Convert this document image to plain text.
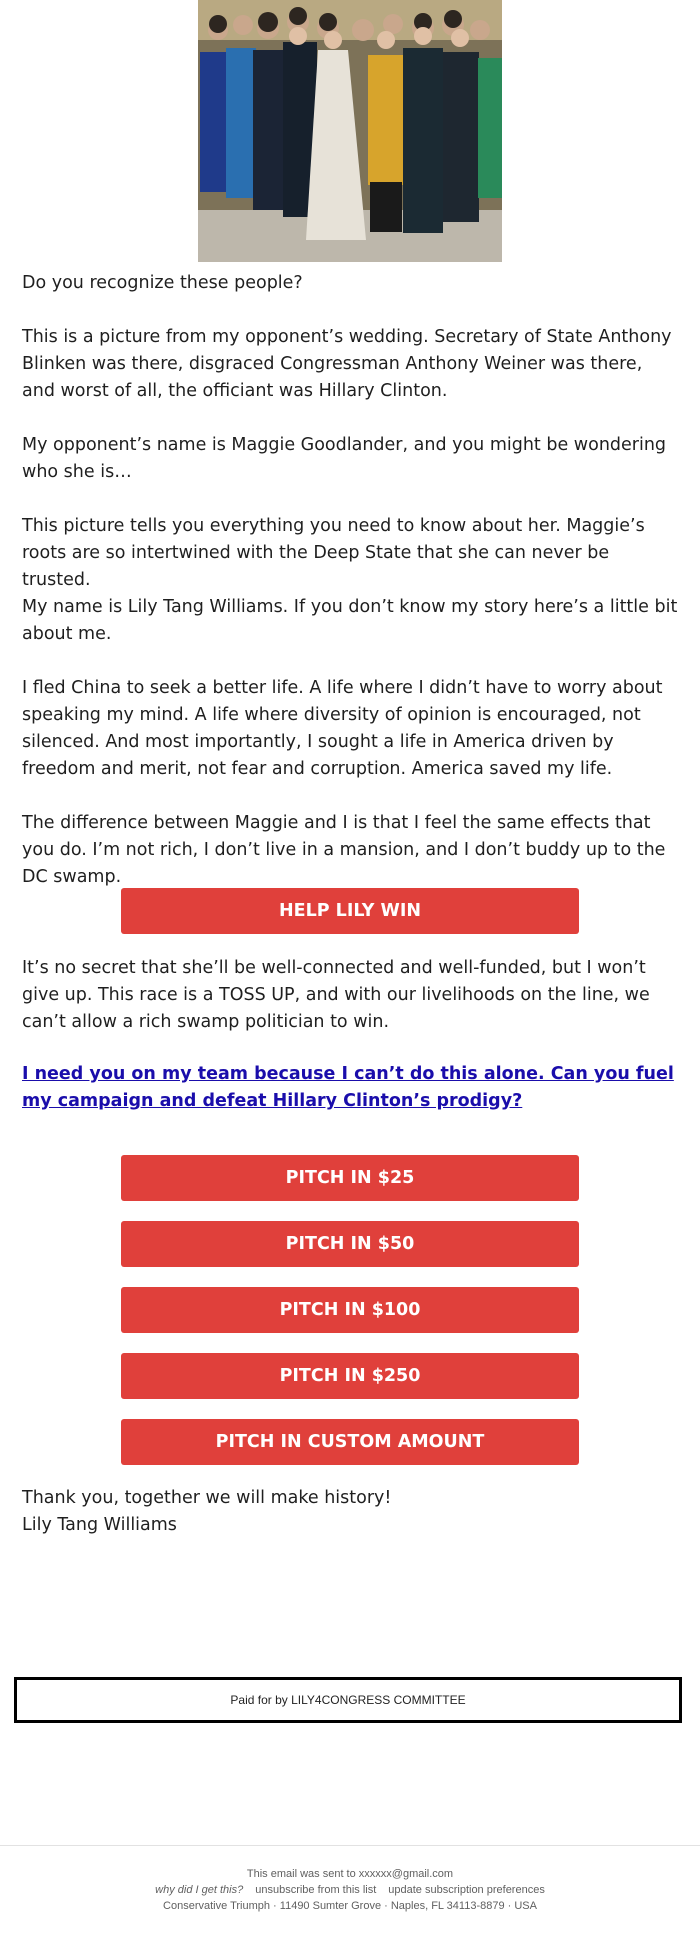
Do you recognize these people?

This is a picture from my opponent’s wedding. Secretary of State Anthony Blinken was there, disgraced Congressman Anthony Weiner was there, and worst of all, the officiant was Hillary Clinton.

My opponent’s name is Maggie Goodlander, and you might be wondering who she is…

This picture tells you everything you need to know about her. Maggie’s roots are so intertwined with the Deep State that she can never be trusted.

My name is Lily Tang Williams. If you don’t know my story here’s a little bit about me.

I fled China to seek a better life. A life where I didn’t have to worry about speaking my mind. A life where diversity of opinion is encouraged, not silenced. And most importantly, I sought a life in America driven by freedom and merit, not fear and corruption. America saved my life.

The difference between Maggie and I is that I feel the same effects that you do. I’m not rich, I don’t live in a mansion, and I don’t buddy up to the DC swamp.

HELP LILY WIN

It’s no secret that she’ll be well-connected and well-funded, but I won’t give up. This race is a TOSS UP, and with our livelihoods on the line, we can’t allow a rich swamp politician to win.

I need you on my team because I can’t do this alone. Can you fuel my campaign and defeat Hillary Clinton’s prodigy?
PITCH IN $25
PITCH IN $50
PITCH IN $100
PITCH IN $250
PITCH IN CUSTOM AMOUNT

Thank you, together we will make history!

Lily Tang Williams

Paid for by LILY4CONGRESS COMMITTEE
This email was sent to xxxxxx@gmail.com
why did I get this? unsubscribe from this list update subscription preferences
Conservative Triumph · 11490 Sumter Grove · Naples, FL 34113-8879 · USA
